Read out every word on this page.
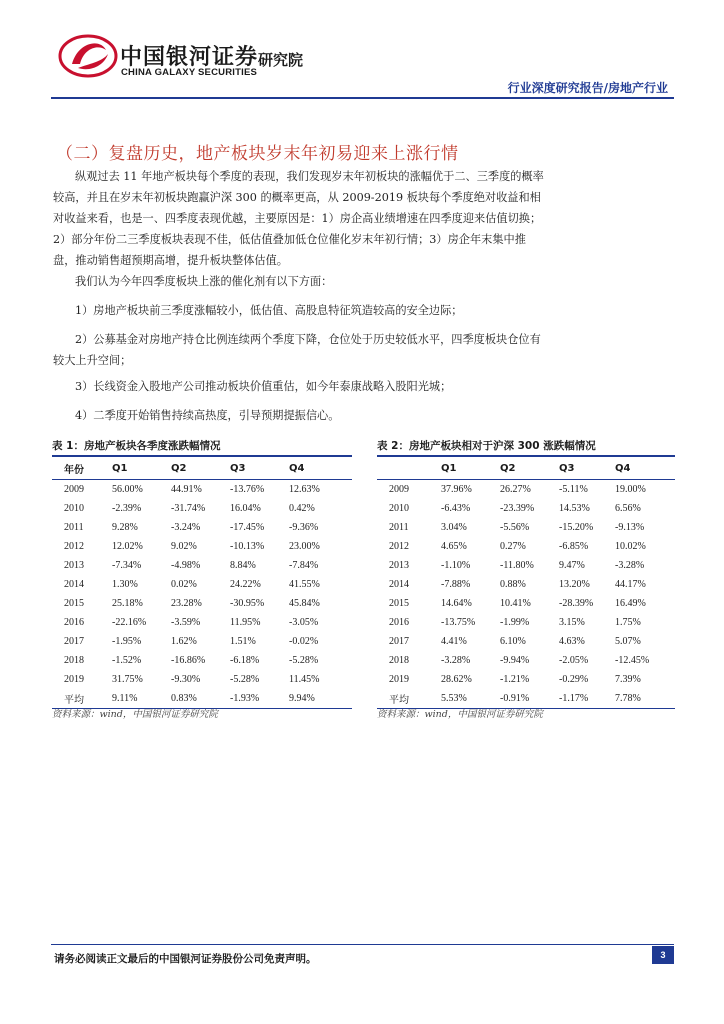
中国银河证券
CHINA GALAXY SECURITIES
研究院
行业深度研究报告/房地产行业
（二）复盘历史，地产板块岁末年初易迎来上涨行情
纵观过去 11 年地产板块每个季度的表现，我们发现岁末年初板块的涨幅优于二、三季度的概率较高，并且在岁末年初板块跑赢沪深 300 的概率更高，从 2009-2019 板块每个季度绝对收益和相对收益来看，也是一、四季度表现优越，主要原因是：1）房企高业绩增速在四季度迎来估值切换；2）部分年份二三季度板块表现不佳，低估值叠加低仓位催化岁末年初行情；3）房企年末集中推盘，推动销售超预期高增，提升板块整体估值。
我们认为今年四季度板块上涨的催化剂有以下方面：
1）房地产板块前三季度涨幅较小，低估值、高股息特征筑造较高的安全边际；
2）公募基金对房地产持仓比例连续两个季度下降，仓位处于历史较低水平，四季度板块仓位有较大上升空间；
3）长线资金入股地产公司推动板块价值重估，如今年泰康战略入股阳光城；
4）二季度开始销售持续高热度，引导预期提振信心。
表 1：房地产板块各季度涨跌幅情况
年份	Q1	Q2	Q3	Q4
2009	56.00%	44.91%	-13.76%	12.63%
2010	-2.39%	-31.74%	16.04%	0.42%
2011	9.28%	-3.24%	-17.45%	-9.36%
2012	12.02%	9.02%	-10.13%	23.00%
2013	-7.34%	-4.98%	8.84%	-7.84%
2014	1.30%	0.02%	24.22%	41.55%
2015	25.18%	23.28%	-30.95%	45.84%
2016	-22.16%	-3.59%	11.95%	-3.05%
2017	-1.95%	1.62%	1.51%	-0.02%
2018	-1.52%	-16.86%	-6.18%	-5.28%
2019	31.75%	-9.30%	-5.28%	11.45%
平均	9.11%	0.83%	-1.93%	9.94%
资料来源：wind，中国银河证券研究院
表 2：房地产板块相对于沪深 300 涨跌幅情况
	Q1	Q2	Q3	Q4
2009	37.96%	26.27%	-5.11%	19.00%
2010	-6.43%	-23.39%	14.53%	6.56%
2011	3.04%	-5.56%	-15.20%	-9.13%
2012	4.65%	0.27%	-6.85%	10.02%
2013	-1.10%	-11.80%	9.47%	-3.28%
2014	-7.88%	0.88%	13.20%	44.17%
2015	14.64%	10.41%	-28.39%	16.49%
2016	-13.75%	-1.99%	3.15%	1.75%
2017	4.41%	6.10%	4.63%	5.07%
2018	-3.28%	-9.94%	-2.05%	-12.45%
2019	28.62%	-1.21%	-0.29%	7.39%
平均	5.53%	-0.91%	-1.17%	7.78%
资料来源：wind，中国银河证券研究院
请务必阅读正文最后的中国银河证券股份公司免责声明。	3
